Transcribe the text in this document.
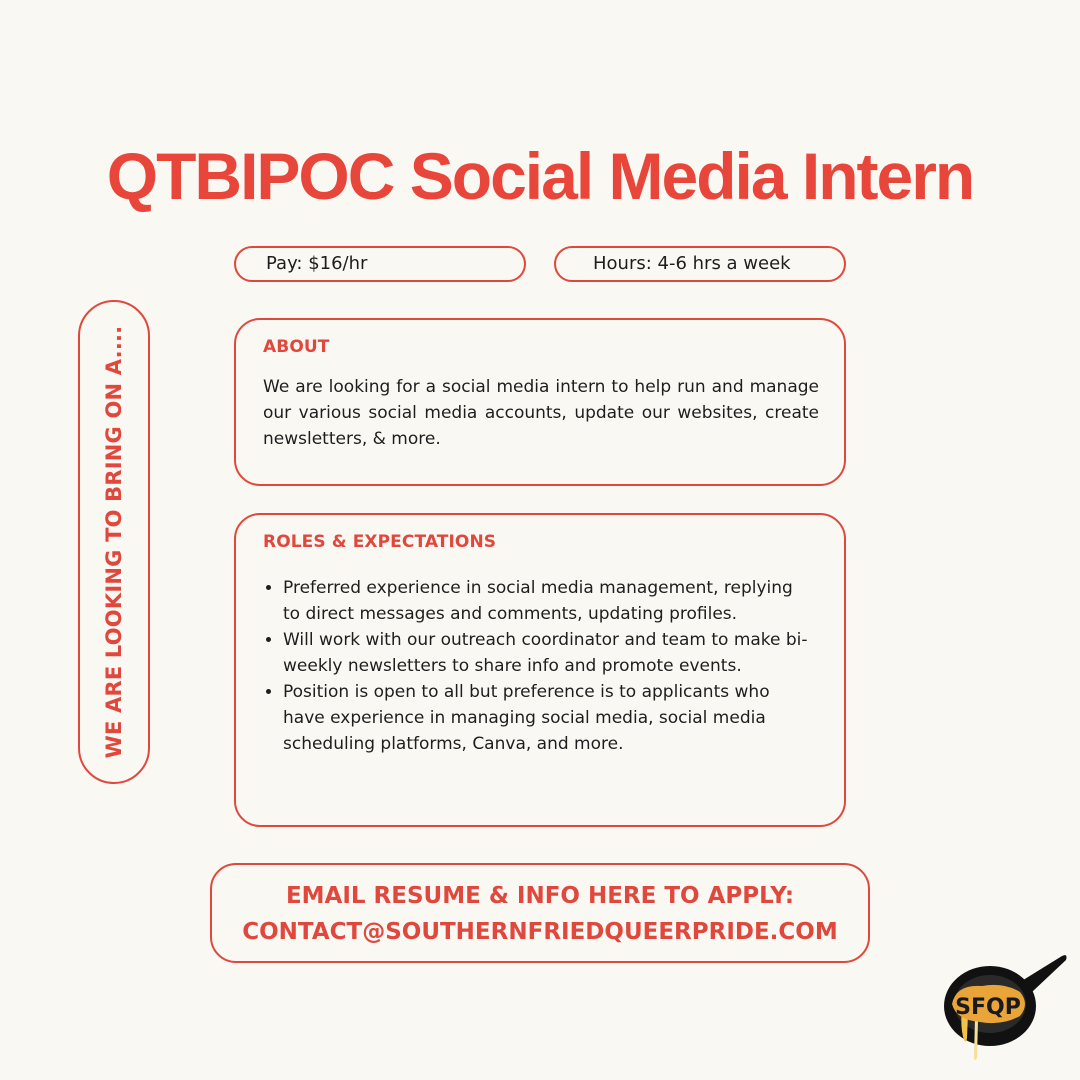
QTBIPOC Social Media Intern
Pay: $16/hr	Hours: 4-6 hrs a week
WE ARE LOOKING TO BRING ON A....	ABOUT

We are looking for a social media intern to help run and manage our various social media accounts, update our websites, create newsletters, & more.

ROLES & EXPECTATIONS
• Preferred experience in social media management, replying to direct messages and comments, updating profiles.
• Will work with our outreach coordinator and team to make bi-weekly newsletters to share info and promote events.
• Position is open to all but preference is to applicants who have experience in managing social media, social media scheduling platforms, Canva, and more.
EMAIL RESUME & INFO HERE TO APPLY:
CONTACT@SOUTHERNFRIEDQUEERPRIDE.COM
SFQP
